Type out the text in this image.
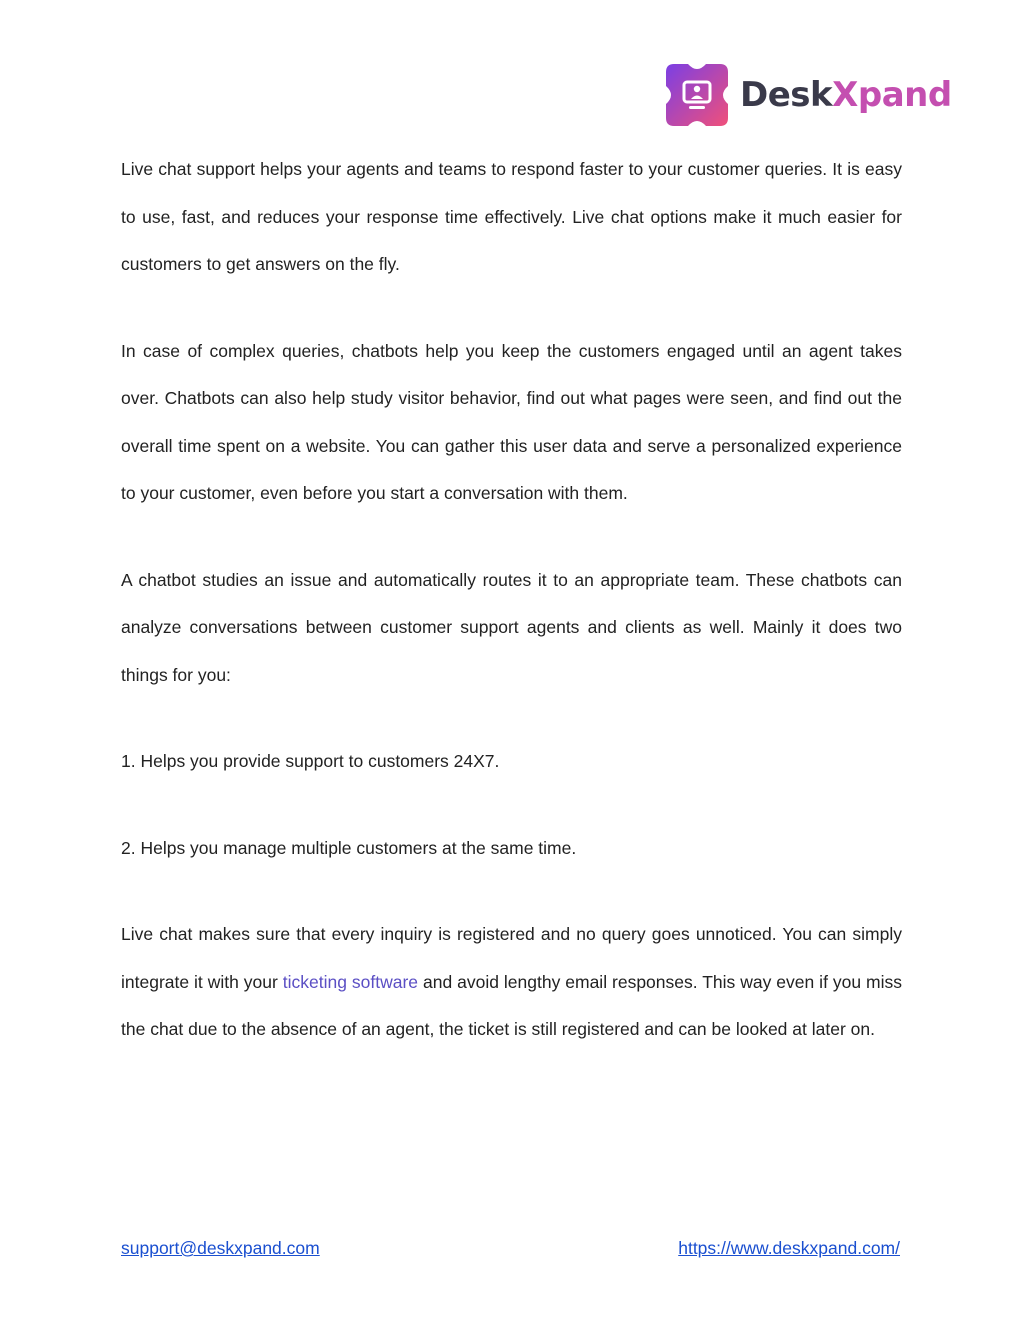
DeskXpand

Live chat support helps your agents and teams to respond faster to your customer queries. It is easy to use, fast, and reduces your response time effectively. Live chat options make it much easier for customers to get answers on the fly.

In case of complex queries, chatbots help you keep the customers engaged until an agent takes over. Chatbots can also help study visitor behavior, find out what pages were seen, and find out the overall time spent on a website. You can gather this user data and serve a personalized experience to your customer, even before you start a conversation with them.

A chatbot studies an issue and automatically routes it to an appropriate team. These chatbots can analyze conversations between customer support agents and clients as well. Mainly it does two things for you:

1. Helps you provide support to customers 24X7.

2. Helps you manage multiple customers at the same time.

Live chat makes sure that every inquiry is registered and no query goes unnoticed. You can simply integrate it with your ticketing software and avoid lengthy email responses. This way even if you miss the chat due to the absence of an agent, the ticket is still registered and can be looked at later on.

support@deskxpand.com	https://www.deskxpand.com/
